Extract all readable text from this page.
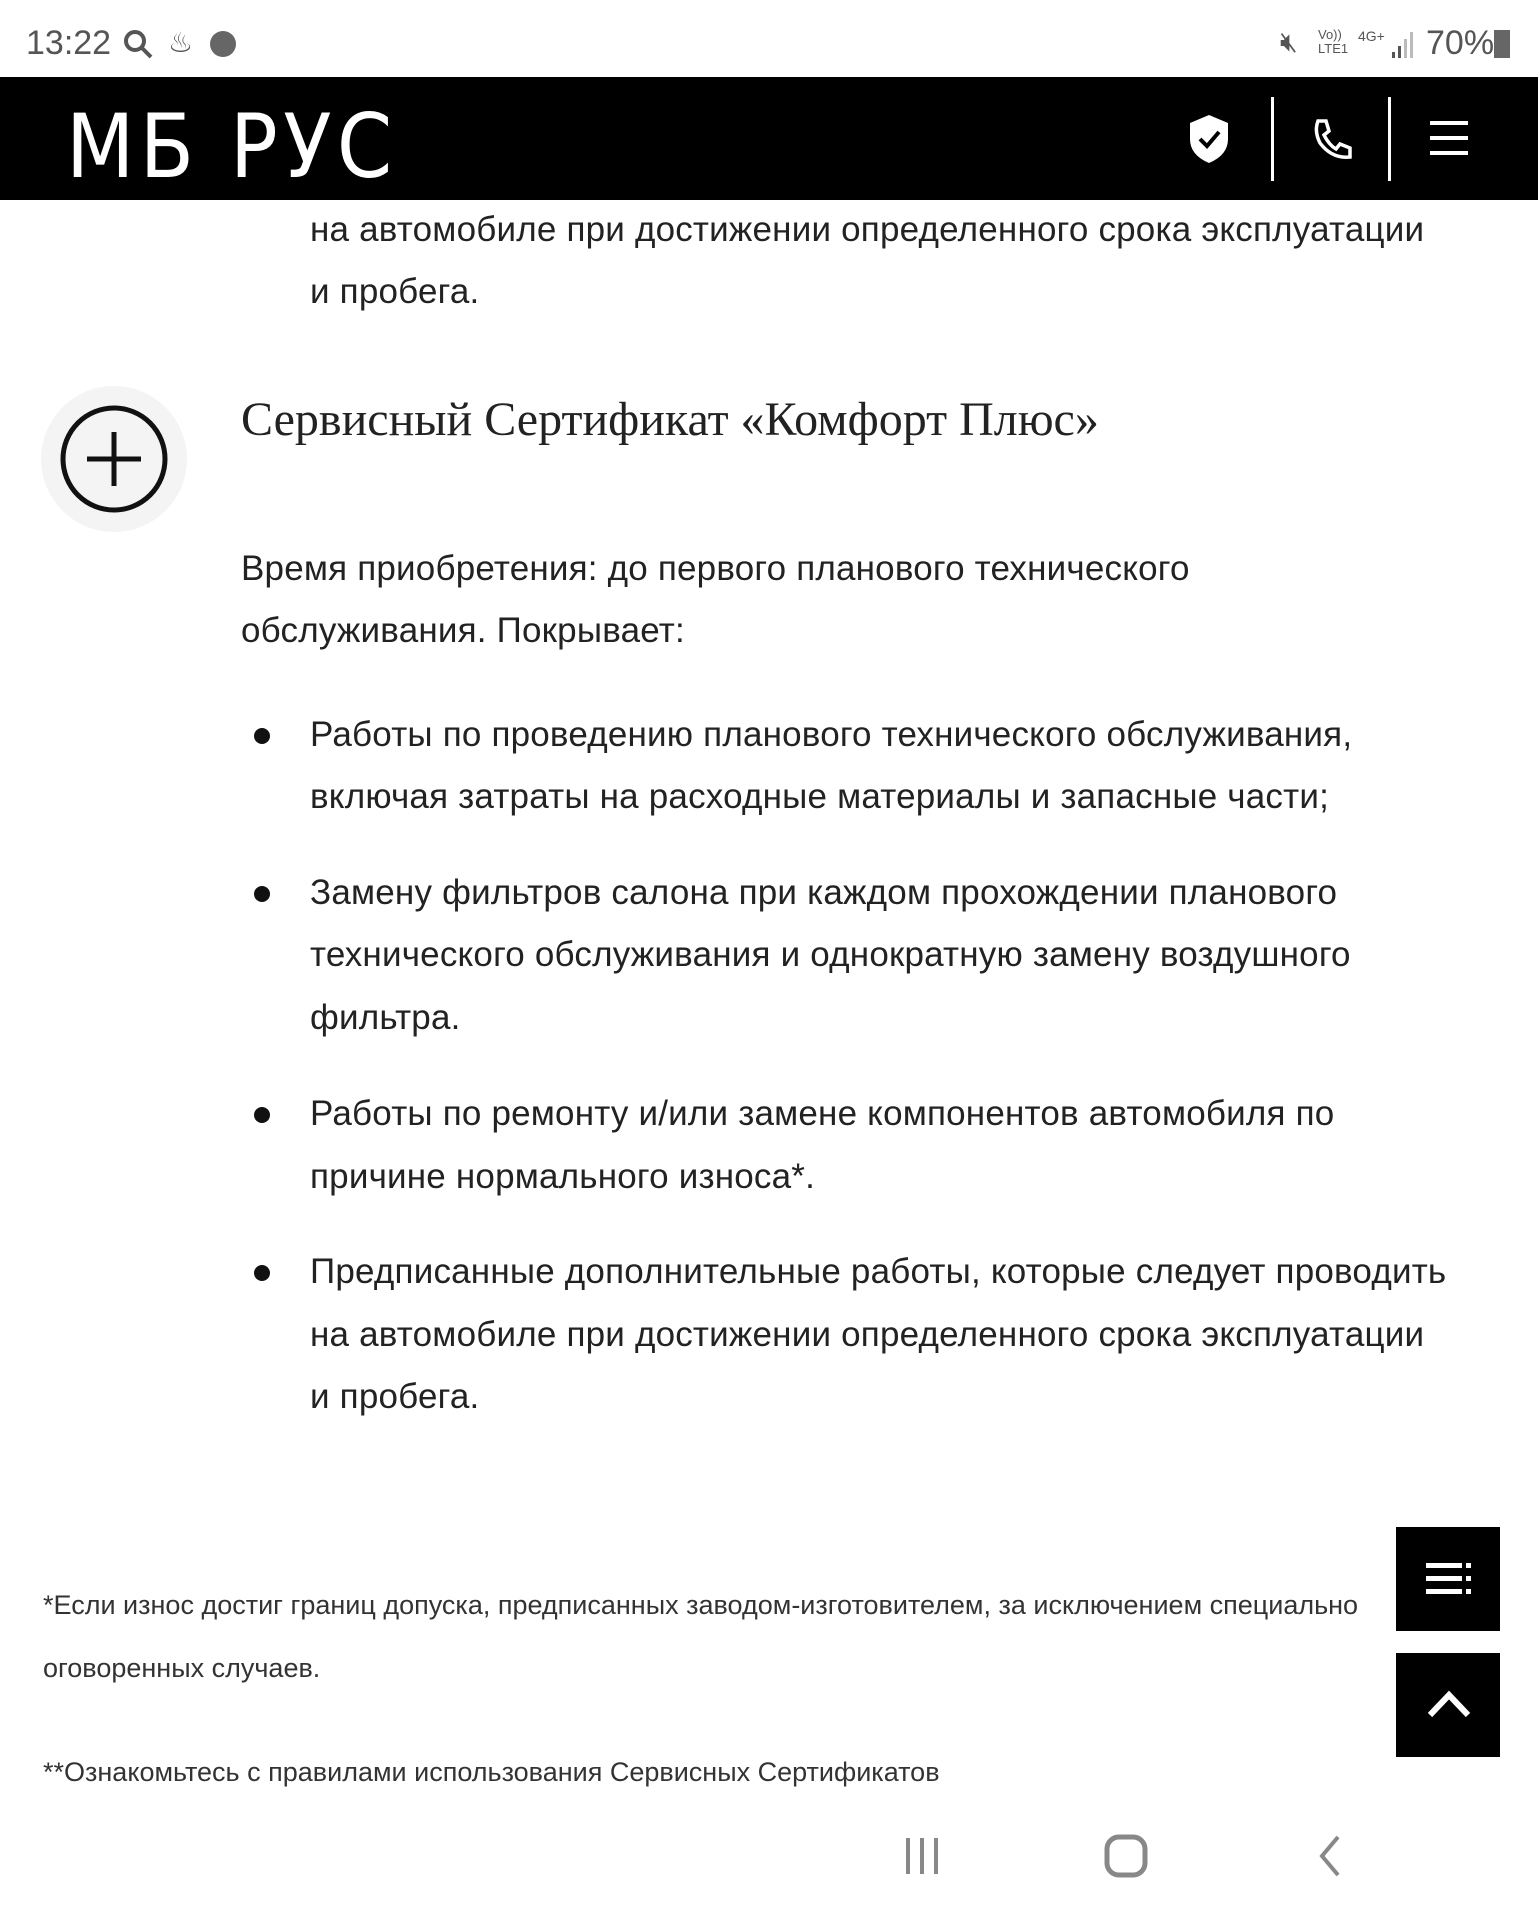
13:22 ♨	🔇︎ Vo)) LTE1
4G+ 70%
МБ РУС
на автомобиле при достижении определенного срока эксплуатации
и пробега.
Сервисный Сертификат «Комфорт Плюс»
Время приобретения: до первого планового технического
обслуживания. Покрывает:
Работы по проведению планового технического обслуживания,
включая затраты на расходные материалы и запасные части;
Замену фильтров салона при каждом прохождении планового
технического обслуживания и однократную замену воздушного
фильтра.
Работы по ремонту и/или замене компонентов автомобиля по
причине нормального износа*.
Предписанные дополнительные работы, которые следует проводить
на автомобиле при достижении определенного срока эксплуатации
и пробега.
*Если износ достиг границ допуска, предписанных заводом-изготовителем, за исключением специально
оговоренных случаев.
**Ознакомьтесь с правилами использования Сервисных Сертификатов
